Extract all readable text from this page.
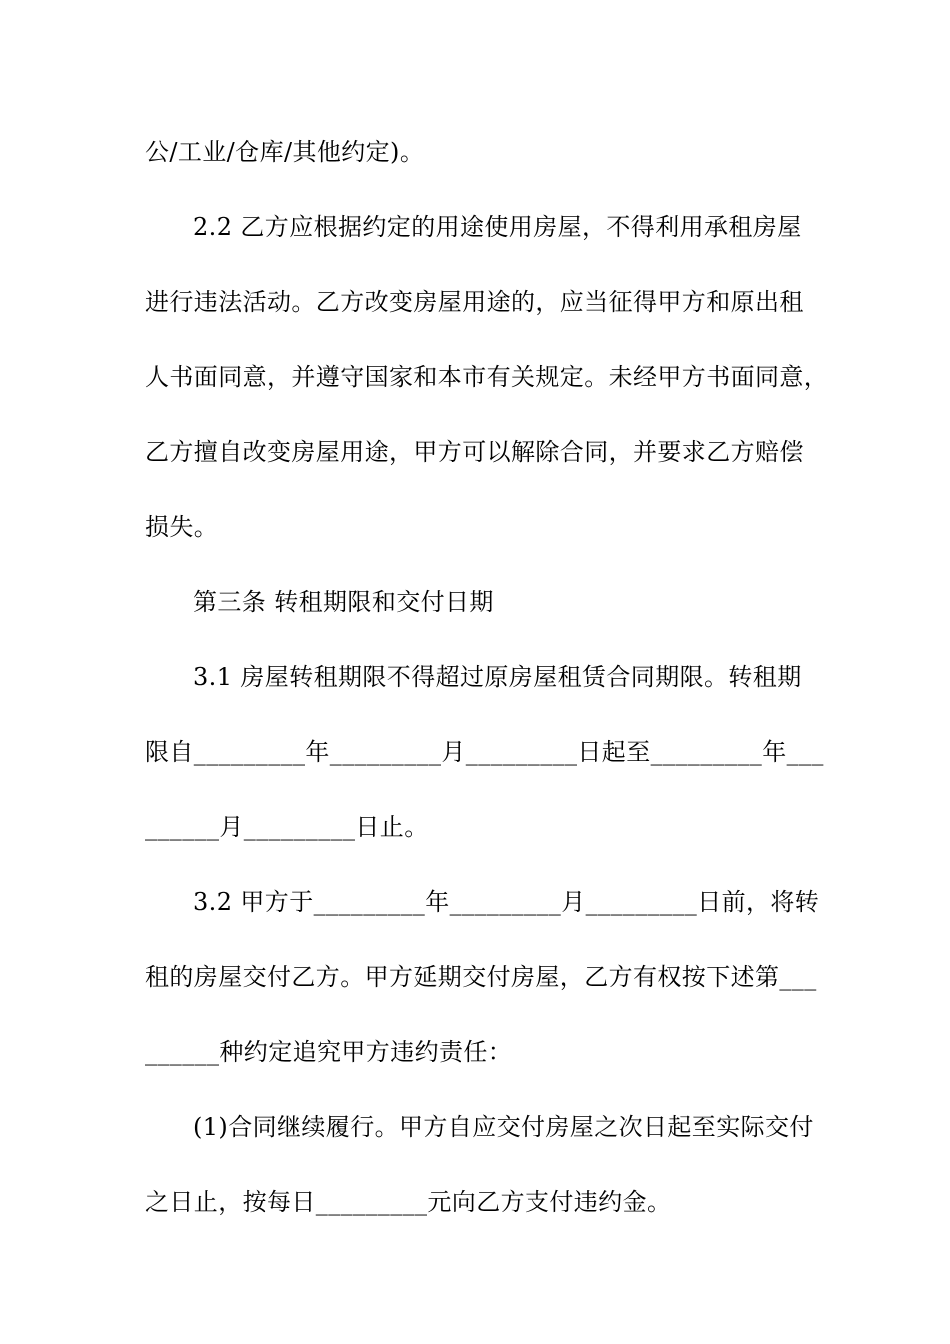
公/工业/仓库/其他约定)。
2.2 乙方应根据约定的用途使用房屋，不得利用承租房屋
进行违法活动。乙方改变房屋用途的，应当征得甲方和原出租
人书面同意，并遵守国家和本市有关规定。未经甲方书面同意，
乙方擅自改变房屋用途，甲方可以解除合同，并要求乙方赔偿
损失。
第三条 转租期限和交付日期
3.1 房屋转租期限不得超过原房屋租赁合同期限。转租期
限自_________年_________月_________日起至_________年___
______月_________日止。
3.2 甲方于_________年_________月_________日前，将转
租的房屋交付乙方。甲方延期交付房屋，乙方有权按下述第___
______种约定追究甲方违约责任：
(1)合同继续履行。甲方自应交付房屋之次日起至实际交付
之日止，按每日_________元向乙方支付违约金。
